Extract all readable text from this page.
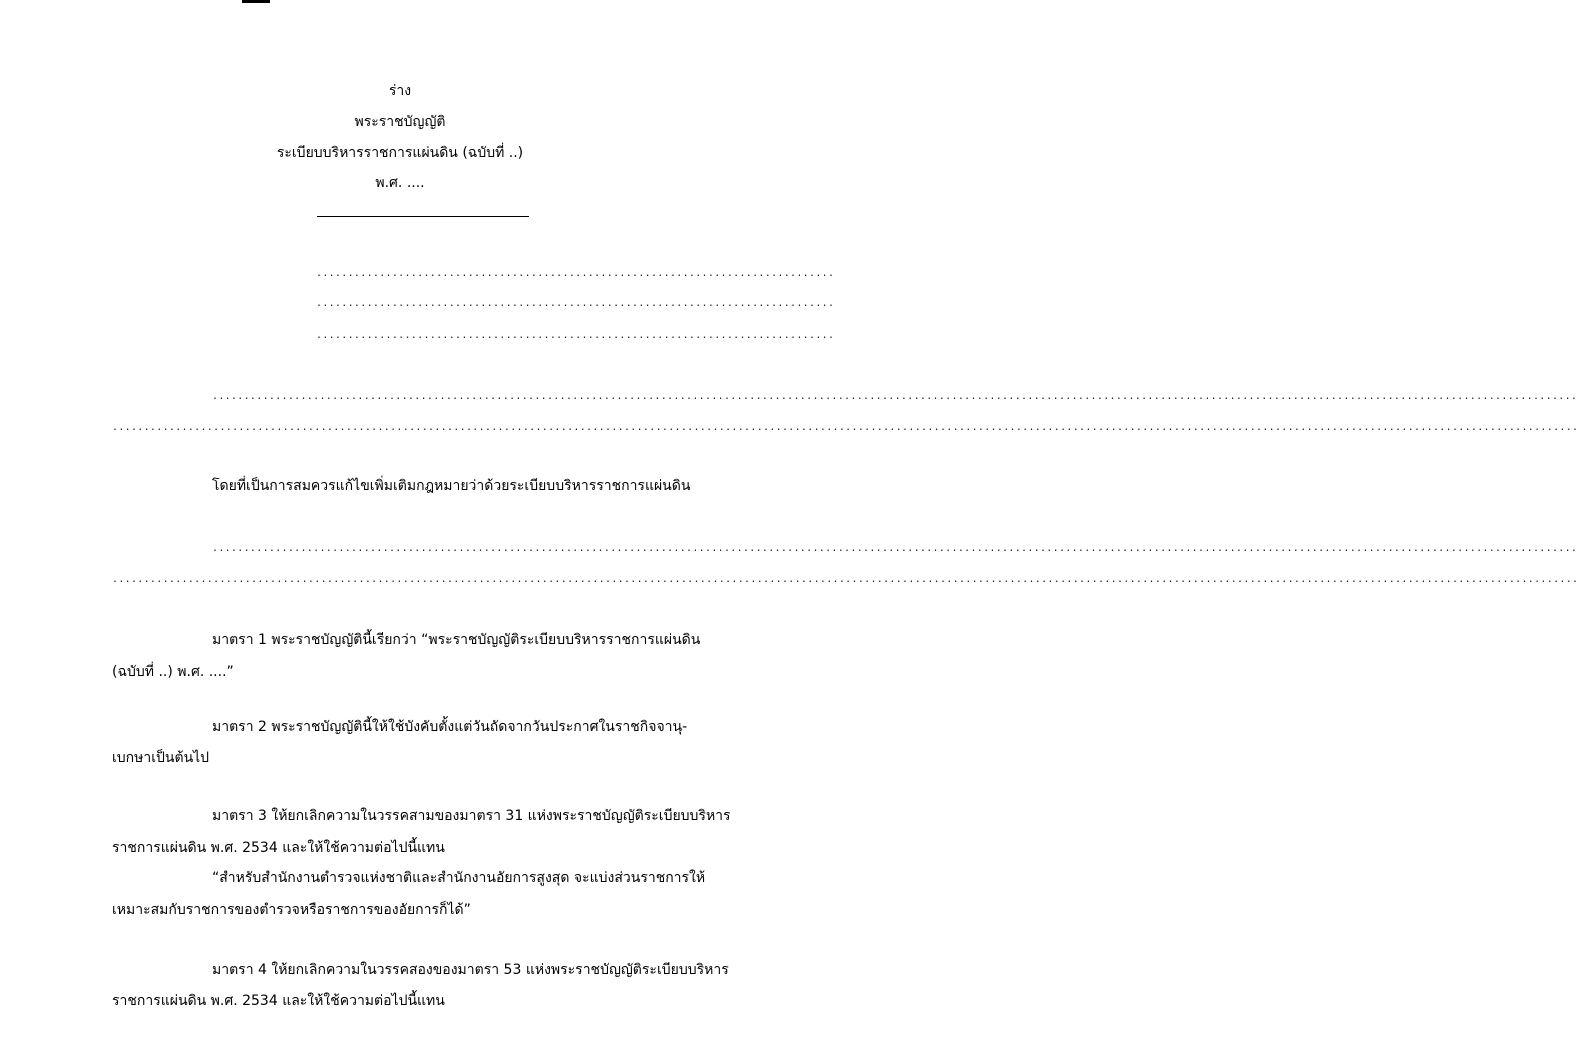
ร่าง
พระราชบัญญัติ
ระเบียบบริหารราชการแผ่นดิน (ฉบับที่ ..)
พ.ศ. ....
..................................................................................
..................................................................................
..................................................................................
........................................................................................................................................................................................................................
........................................................................................................................................................................................................................................
โดยที่เป็นการสมควรแก้ไขเพิ่มเติมกฎหมายว่าด้วยระเบียบบริหารราชการแผ่นดิน
........................................................................................................................................................................................................................
........................................................................................................................................................................................................................................
มาตรา 1 พระราชบัญญัตินี้เรียกว่า “พระราชบัญญัติระเบียบบริหารราชการแผ่นดิน
(ฉบับที่ ..) พ.ศ. ....”
มาตรา 2 พระราชบัญญัตินี้ให้ใช้บังคับตั้งแต่วันถัดจากวันประกาศในราชกิจจานุ-
เบกษาเป็นต้นไป
มาตรา 3 ให้ยกเลิกความในวรรคสามของมาตรา 31 แห่งพระราชบัญญัติระเบียบบริหาร
ราชการแผ่นดิน พ.ศ. 2534 และให้ใช้ความต่อไปนี้แทน
“สำหรับสำนักงานตำรวจแห่งชาติและสำนักงานอัยการสูงสุด จะแบ่งส่วนราชการให้
เหมาะสมกับราชการของตำรวจหรือราชการของอัยการก็ได้”
มาตรา 4 ให้ยกเลิกความในวรรคสองของมาตรา 53 แห่งพระราชบัญญัติระเบียบบริหาร
ราชการแผ่นดิน พ.ศ. 2534 และให้ใช้ความต่อไปนี้แทน
